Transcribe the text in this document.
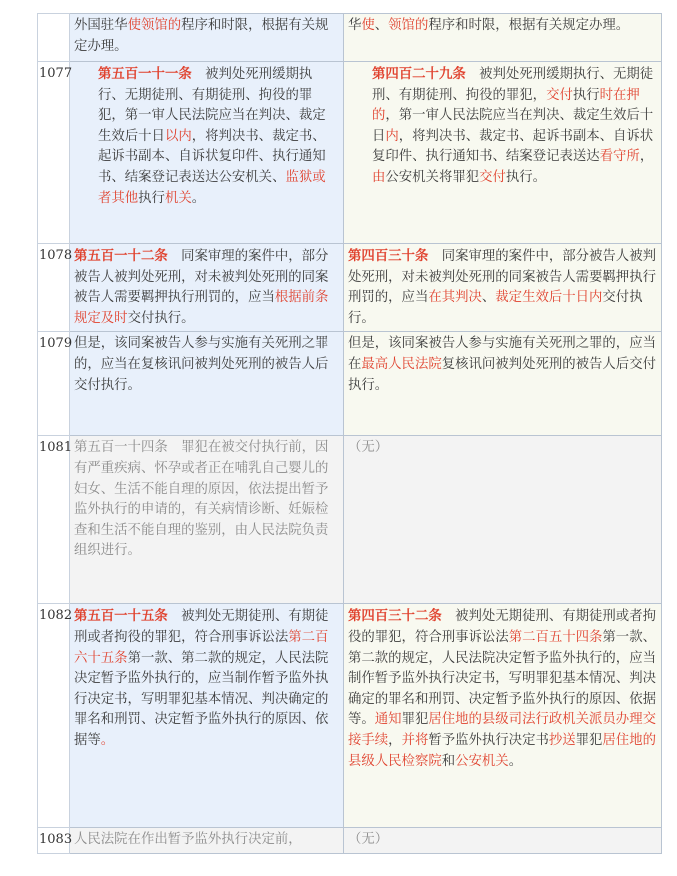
	外国驻华使领馆的程序和时限，根据有关规定办理。	华使、领馆的程序和时限，根据有关规定办理。
1077	第五百一十一条　被判处死刑缓期执行、无期徒刑、有期徒刑、拘役的罪犯，第一审人民法院应当在判决、裁定生效后十日以内，将判决书、裁定书、起诉书副本、自诉状复印件、执行通知书、结案登记表送达公安机关、监狱或者其他执行机关。	第四百二十九条　被判处死刑缓期执行、无期徒刑、有期徒刑、拘役的罪犯，交付执行时在押的，第一审人民法院应当在判决、裁定生效后十日内，将判决书、裁定书、起诉书副本、自诉状复印件、执行通知书、结案登记表送达看守所，由公安机关将罪犯交付执行。
1078	第五百一十二条　同案审理的案件中，部分被告人被判处死刑，对未被判处死刑的同案被告人需要羁押执行刑罚的，应当根据前条规定及时交付执行。	第四百三十条　同案审理的案件中，部分被告人被判处死刑，对未被判处死刑的同案被告人需要羁押执行刑罚的，应当在其判决、裁定生效后十日内交付执行。
1079	但是，该同案被告人参与实施有关死刑之罪的，应当在复核讯问被判处死刑的被告人后交付执行。	但是，该同案被告人参与实施有关死刑之罪的，应当在最高人民法院复核讯问被判处死刑的被告人后交付执行。
1081	第五百一十四条　罪犯在被交付执行前，因有严重疾病、怀孕或者正在哺乳自己婴儿的妇女、生活不能自理的原因，依法提出暂予监外执行的申请的，有关病情诊断、妊娠检查和生活不能自理的鉴别，由人民法院负责组织进行。	（无）
1082	第五百一十五条　被判处无期徒刑、有期徒刑或者拘役的罪犯，符合刑事诉讼法第二百六十五条第一款、第二款的规定，人民法院决定暂予监外执行的，应当制作暂予监外执行决定书，写明罪犯基本情况、判决确定的罪名和刑罚、决定暂予监外执行的原因、依据等。	第四百三十二条　被判处无期徒刑、有期徒刑或者拘役的罪犯，符合刑事诉讼法第二百五十四条第一款、第二款的规定，人民法院决定暂予监外执行的，应当制作暂予监外执行决定书，写明罪犯基本情况、判决确定的罪名和刑罚、决定暂予监外执行的原因、依据等。通知罪犯居住地的县级司法行政机关派员办理交接手续，并将暂予监外执行决定书抄送罪犯居住地的县级人民检察院和公安机关。
1083	人民法院在作出暂予监外执行决定前，	（无）
